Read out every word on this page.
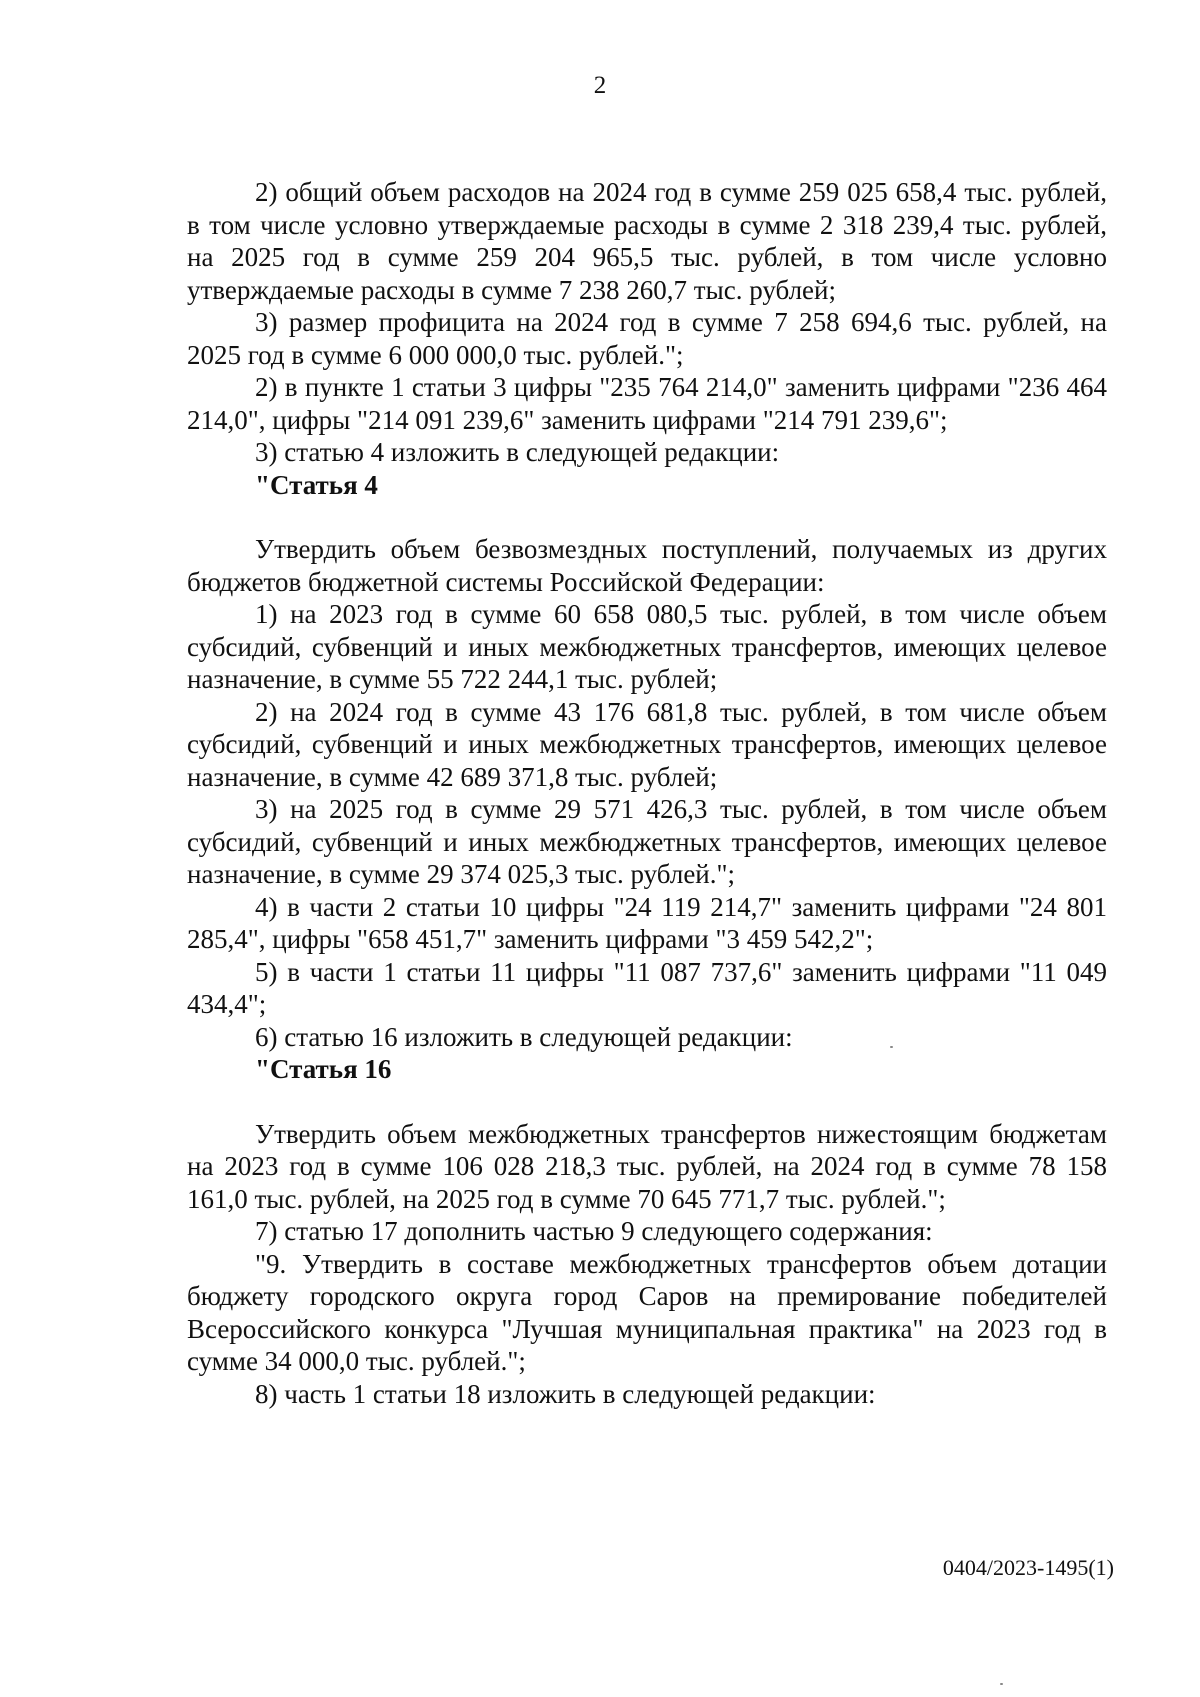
2

2) общий объем расходов на 2024 год в сумме 259 025 658,4 тыс. рублей, в том числе условно утверждаемые расходы в сумме 2 318 239,4 тыс. рублей, на 2025 год в сумме 259 204 965,5 тыс. рублей, в том числе условно утверждаемые расходы в сумме 7 238 260,7 тыс. рублей;

3) размер профицита на 2024 год в сумме 7 258 694,6 тыс. рублей, на 2025 год в сумме 6 000 000,0 тыс. рублей.";

2) в пункте 1 статьи 3 цифры "235 764 214,0" заменить цифрами "236 464 214,0", цифры "214 091 239,6" заменить цифрами "214 791 239,6";

3) статью 4 изложить в следующей редакции:

"Статья 4

Утвердить объем безвозмездных поступлений, получаемых из других бюджетов бюджетной системы Российской Федерации:

1) на 2023 год в сумме 60 658 080,5 тыс. рублей, в том числе объем субсидий, субвенций и иных межбюджетных трансфертов, имеющих целевое назначение, в сумме 55 722 244,1 тыс. рублей;

2) на 2024 год в сумме 43 176 681,8 тыс. рублей, в том числе объем субсидий, субвенций и иных межбюджетных трансфертов, имеющих целевое назначение, в сумме 42 689 371,8 тыс. рублей;

3) на 2025 год в сумме 29 571 426,3 тыс. рублей, в том числе объем субсидий, субвенций и иных межбюджетных трансфертов, имеющих целевое назначение, в сумме 29 374 025,3 тыс. рублей.";

4) в части 2 статьи 10 цифры "24 119 214,7" заменить цифрами "24 801 285,4", цифры "658 451,7" заменить цифрами "3 459 542,2";

5) в части 1 статьи 11 цифры "11 087 737,6" заменить цифрами "11 049 434,4";

6) статью 16 изложить в следующей редакции:

"Статья 16

Утвердить объем межбюджетных трансфертов нижестоящим бюджетам на 2023 год в сумме 106 028 218,3 тыс. рублей, на 2024 год в сумме 78 158 161,0 тыс. рублей, на 2025 год в сумме 70 645 771,7 тыс. рублей.";

7) статью 17 дополнить частью 9 следующего содержания:

"9. Утвердить в составе межбюджетных трансфертов объем дотации бюджету городского округа город Саров на премирование победителей Всероссийского конкурса "Лучшая муниципальная практика" на 2023 год в сумме 34 000,0 тыс. рублей.";

8) часть 1 статьи 18 изложить в следующей редакции:

0404/2023-1495(1)
